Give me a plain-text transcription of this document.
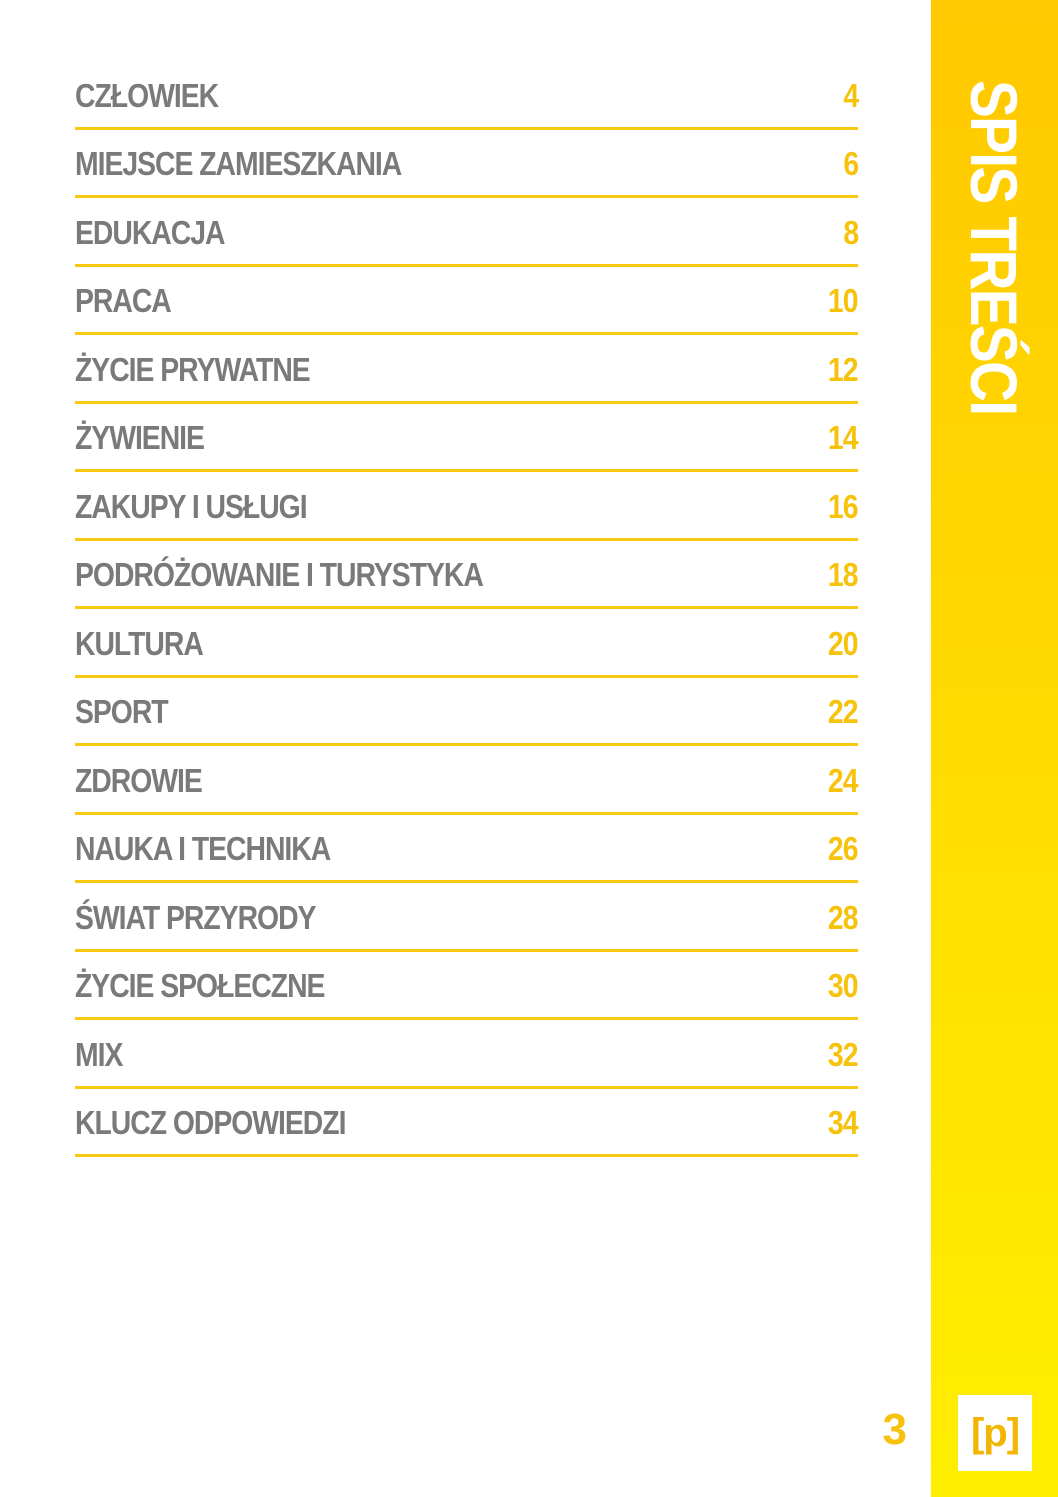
CZŁOWIEK	4
MIEJSCE ZAMIESZKANIA	6
EDUKACJA	8
PRACA	10
ŻYCIE PRYWATNE	12
ŻYWIENIE	14
ZAKUPY I USŁUGI	16
PODRÓŻOWANIE I TURYSTYKA	18
KULTURA	20
SPORT	22
ZDROWIE	24
NAUKA I TECHNIKA	26
ŚWIAT PRZYRODY	28
ŻYCIE SPOŁECZNE	30
MIX	32
KLUCZ ODPOWIEDZI	34
SPIS TREŚCI
3 [p]
